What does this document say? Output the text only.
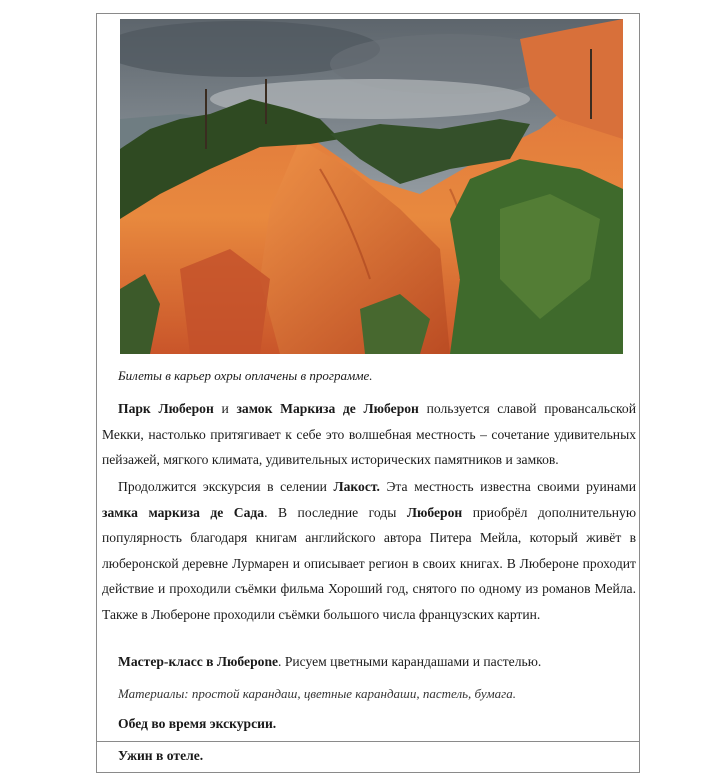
Билеты в карьер охры оплачены в программе.

Парк Люберон и замок Маркиза де Люберон пользуется славой провансальской Мекки, настолько притягивает к себе это волшебная местность – сочетание удивительных пейзажей, мягкого климата, удивительных исторических памятников и замков.

Продолжится экскурсия в селении Лакост. Эта местность известна своими руинами замка маркиза де Сада. В последние годы Люберон приобрёл дополнительную популярность благодаря книгам английского автора Питера Мейла, который живёт в люберонской деревне Лурмарен и описывает регион в своих книгах. В Любероне проходит действие и проходили съёмки фильма Хороший год, снятого по одному из романов Мейла. Также в Любероне проходили съёмки большого числа французских картин.

Мастер-класс в Люберone. Рисуем цветными карандашами и пастелью.
Материалы: простой карандаш, цветные карандаши, пастель, бумага.
Обед во время экскурсии.
Ужин в отеле.
